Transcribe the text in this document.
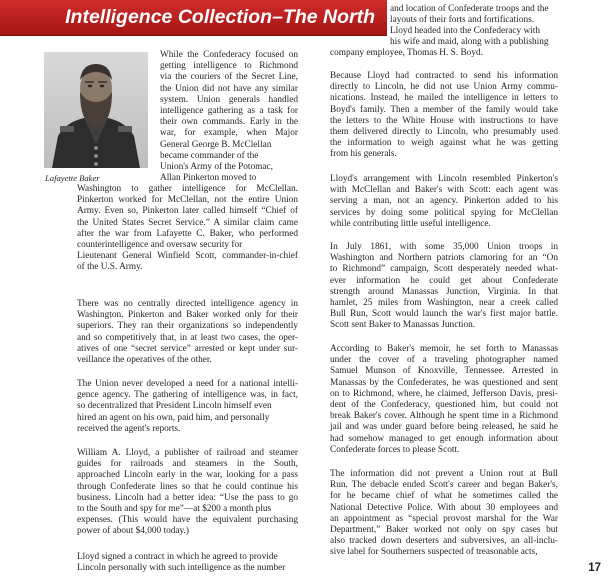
Intelligence Collection–The North
Lafayette Baker
While the Confederacy focused on
getting intelligence to Richmond
via the couriers of the Secret Line,
the Union did not have any similar
system. Union generals handled
intelligence gathering as a task for
their own commands. Early in the
war, for example, when Major
General George B. McClellan
became commander of the
Union's Army of the Potomac,
Allan Pinkerton moved to
Washington to gather intelligence for McClellan.
Pinkerton worked for McClellan, not the entire Union
Army. Even so, Pinkerton later called himself “Chief of
the United States Secret Service.” A similar claim came
after the war from Lafayette C. Baker, who performed
counterintelligence and oversaw security for
Lieutenant General Winfield Scott, commander-in-chief
of the U.S. Army.
There was no centrally directed intelligence agency in
Washington. Pinkerton and Baker worked only for their
superiors. They ran their organizations so independently
and so competitively that, in at least two cases, the oper-
atives of one “secret service” arrested or kept under sur-
veillance the operatives of the other.
The Union never developed a need for a national intelli-
gence agency. The gathering of intelligence was, in fact,
so decentralized that President Lincoln himself even
hired an agent on his own, paid him, and personally
received the agent's reports.
William A. Lloyd, a publisher of railroad and steamer
guides for railroads and steamers in the South,
approached Lincoln early in the war, looking for a pass
through Confederate lines so that he could continue his
business. Lincoln had a better idea: “Use the pass to go
to the South and spy for me”—at $200 a month plus
expenses. (This would have the equivalent purchasing
power of about $4,000 today.)
Lloyd signed a contract in which he agreed to provide
Lincoln personally with such intelligence as the number
and location of Confederate troops and the
layouts of their forts and fortifications.
Lloyd headed into the Confederacy with
his wife and maid, along with a publishing
company employee, Thomas H. S. Boyd.
Because Lloyd had contracted to send his information
directly to Lincoln, he did not use Union Army commu-
nications. Instead, he mailed the intelligence in letters to
Boyd's family. Then a member of the family would take
the letters to the White House with instructions to have
them delivered directly to Lincoln, who presumably used
the information to weigh against what he was getting
from his generals.
Lloyd's arrangement with Lincoln resembled Pinkerton's
with McClellan and Baker's with Scott: each agent was
serving a man, not an agency. Pinkerton added to his
services by doing some political spying for McClellan
while contributing little useful intelligence.
In July 1861, with some 35,000 Union troops in
Washington and Northern patriots clamoring for an “On
to Richmond” campaign, Scott desperately needed what-
ever information he could get about Confederate
strength around Manassas Junction, Virginia. In that
hamlet, 25 miles from Washington, near a creek called
Bull Run, Scott would launch the war's first major battle.
Scott sent Baker to Manassas Junction.
According to Baker's memoir, he set forth to Manassas
under the cover of a traveling photographer named
Samuel Munson of Knoxville, Tennessee. Arrested in
Manassas by the Confederates, he was questioned and sent
on to Richmond, where, he claimed, Jefferson Davis, presi-
dent of the Confederacy, questioned him, but could not
break Baker's cover. Although he spent time in a Richmond
jail and was under guard before being released, he said he
had somehow managed to get enough information about
Confederate forces to please Scott.
The information did not prevent a Union rout at Bull
Run. The debacle ended Scott's career and began Baker's,
for he became chief of what he sometimes called the
National Detective Police. With about 30 employees and
an appointment as “special provost marshal for the War
Department,” Baker worked not only on spy cases but
also tracked down deserters and subversives, an all-inclu-
sive label for Southerners suspected of treasonable acts,
17
